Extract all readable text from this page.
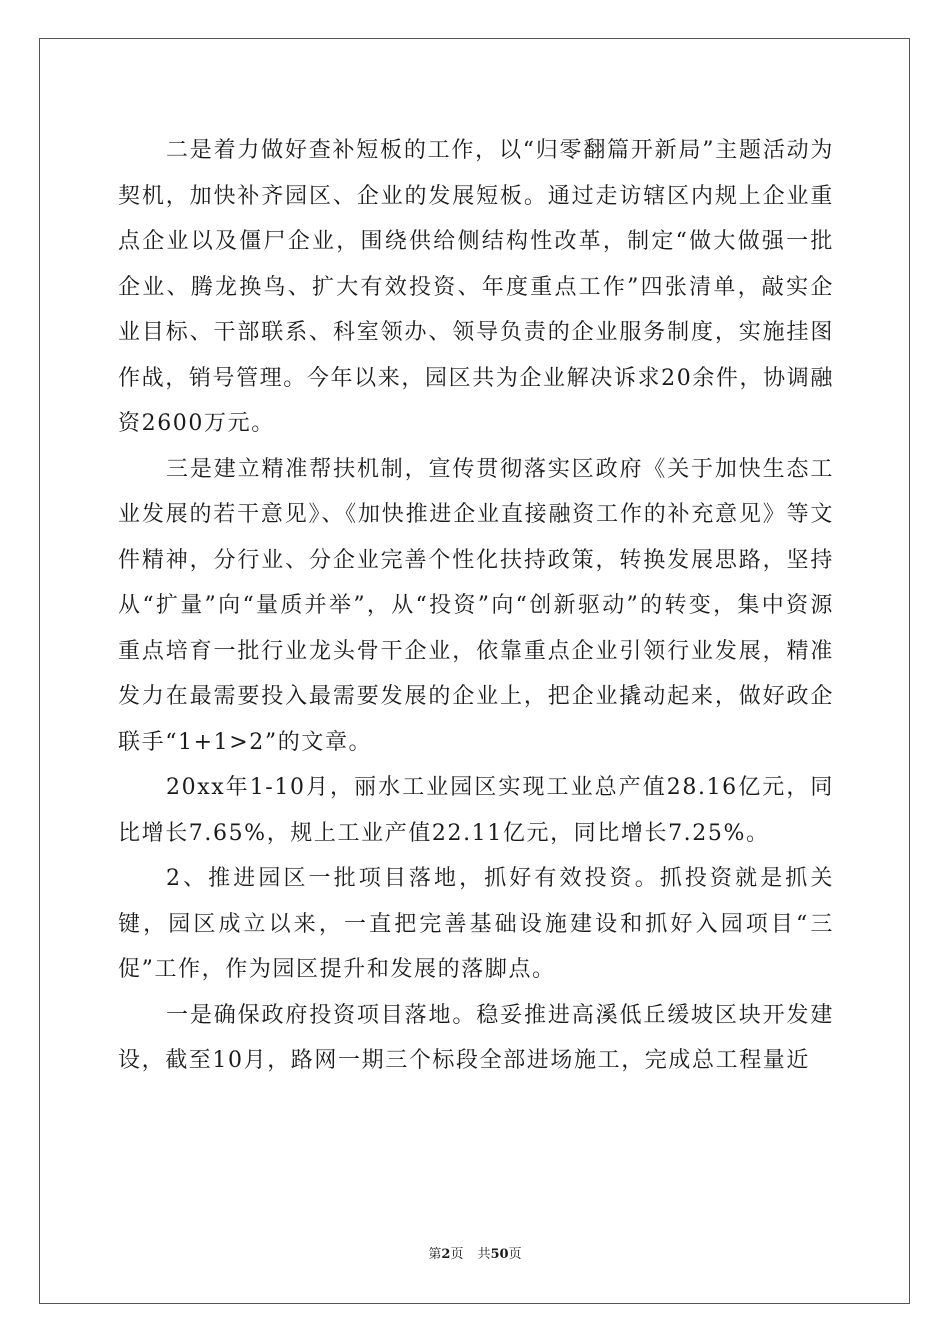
二是着力做好查补短板的工作，以“归零翻篇开新局”主题活动为契机，加快补齐园区、企业的发展短板。通过走访辖区内规上企业重点企业以及僵尸企业，围绕供给侧结构性改革，制定“做大做强一批企业、腾龙换鸟、扩大有效投资、年度重点工作”四张清单，敲实企业目标、干部联系、科室领办、领导负责的企业服务制度，实施挂图作战，销号管理。今年以来，园区共为企业解决诉求20余件，协调融资2600万元。

三是建立精准帮扶机制，宣传贯彻落实区政府《关于加快生态工业发展的若干意见》、《加快推进企业直接融资工作的补充意见》等文件精神，分行业、分企业完善个性化扶持政策，转换发展思路，坚持从“扩量”向“量质并举”，从“投资”向“创新驱动”的转变，集中资源重点培育一批行业龙头骨干企业，依靠重点企业引领行业发展，精准发力在最需要投入最需要发展的企业上，把企业撬动起来，做好政企联手“1+1>2”的文章。

20xx年1-10月，丽水工业园区实现工业总产值28.16亿元，同比增长7.65%，规上工业产值22.11亿元，同比增长7.25%。

2、推进园区一批项目落地，抓好有效投资。抓投资就是抓关键，园区成立以来，一直把完善基础设施建设和抓好入园项目“三促”工作，作为园区提升和发展的落脚点。

一是确保政府投资项目落地。稳妥推进高溪低丘缓坡区块开发建设，截至10月，路网一期三个标段全部进场施工，完成总工程量近

第2页 共50页
